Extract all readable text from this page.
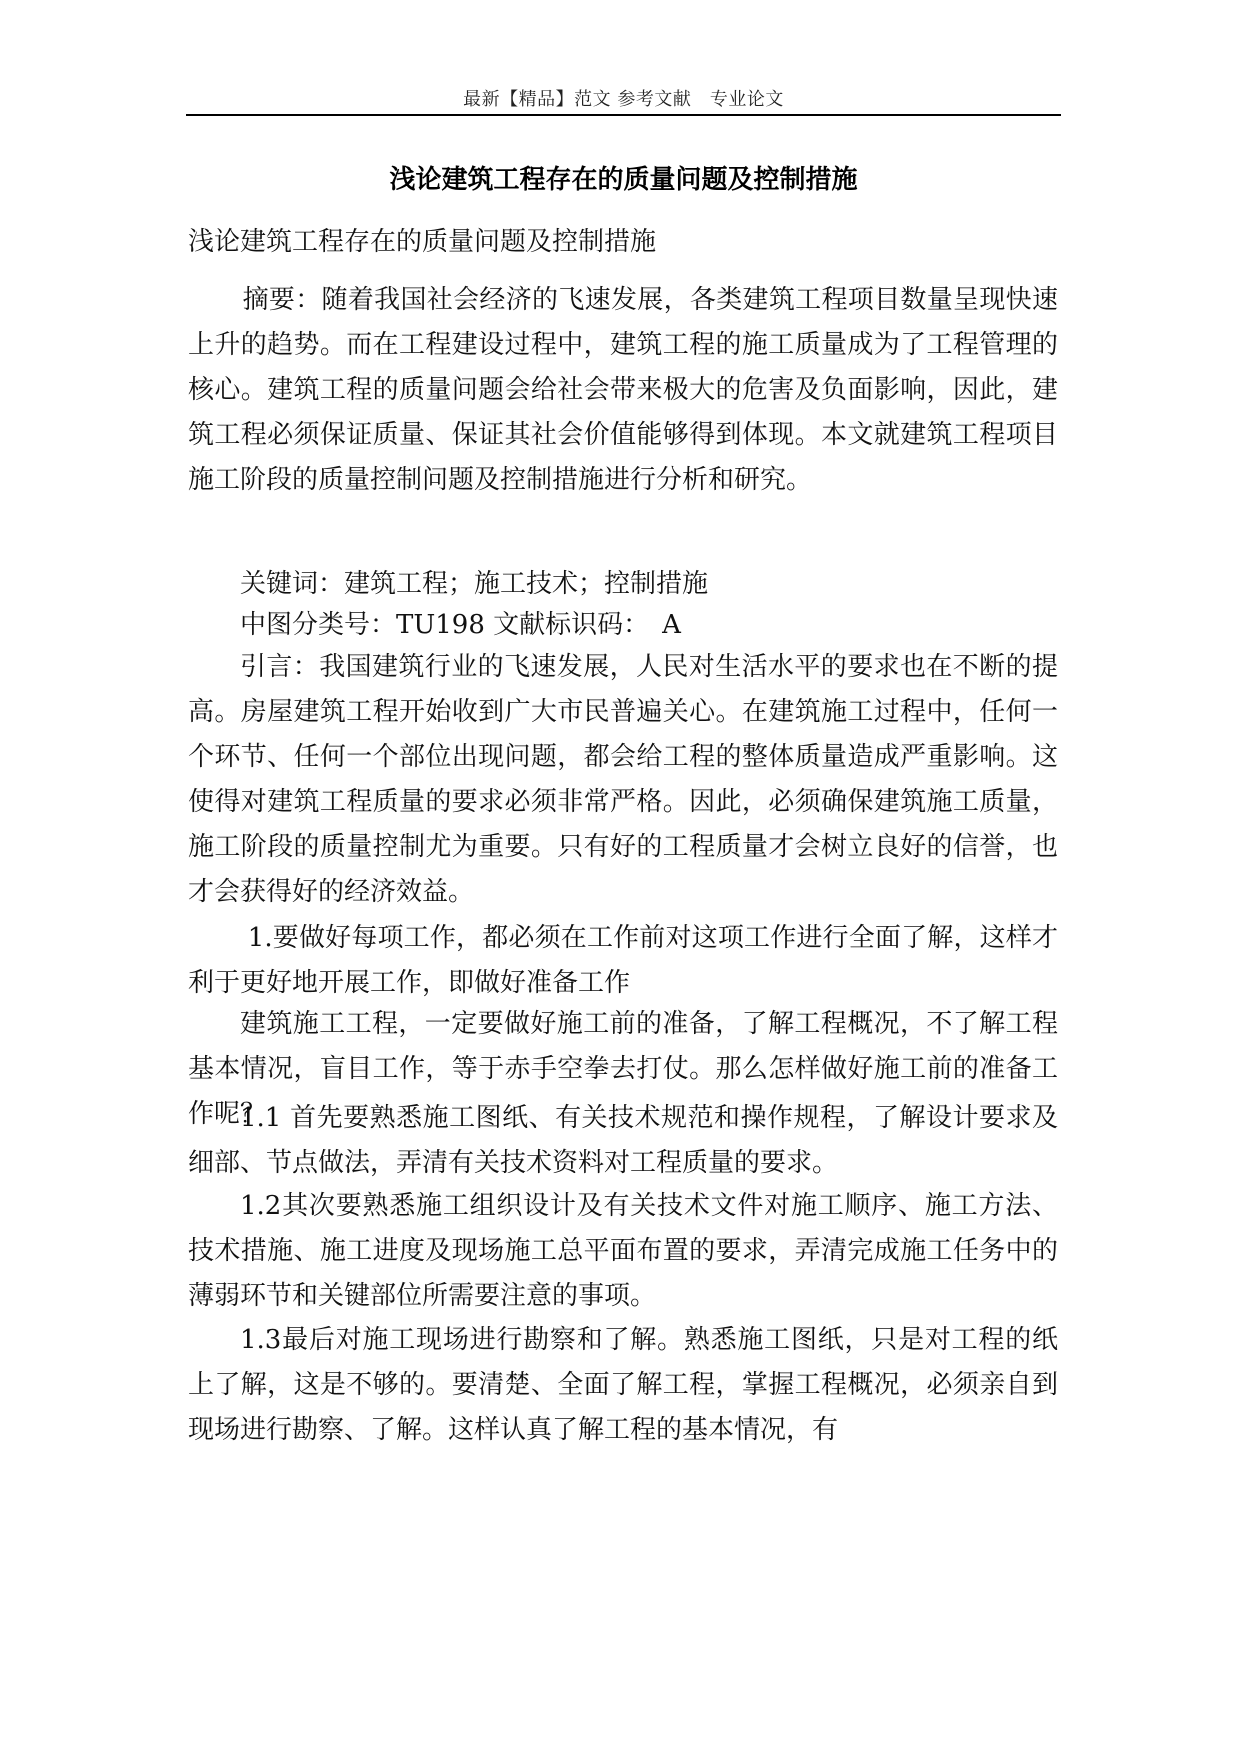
最新【精品】范文 参考文献　专业论文
浅论建筑工程存在的质量问题及控制措施
浅论建筑工程存在的质量问题及控制措施
摘要：随着我国社会经济的飞速发展，各类建筑工程项目数量呈现快速上升的趋势。而在工程建设过程中，建筑工程的施工质量成为了工程管理的核心。建筑工程的质量问题会给社会带来极大的危害及负面影响，因此，建筑工程必须保证质量、保证其社会价值能够得到体现。本文就建筑工程项目施工阶段的质量控制问题及控制措施进行分析和研究。
关键词：建筑工程；施工技术；控制措施
中图分类号：TU198 文献标识码：　A
引言：我国建筑行业的飞速发展，人民对生活水平的要求也在不断的提高。房屋建筑工程开始收到广大市民普遍关心。在建筑施工过程中，任何一个环节、任何一个部位出现问题，都会给工程的整体质量造成严重影响。这使得对建筑工程质量的要求必须非常严格。因此，必须确保建筑施工质量，施工阶段的质量控制尤为重要。只有好的工程质量才会树立良好的信誉，也才会获得好的经济效益。
1.要做好每项工作，都必须在工作前对这项工作进行全面了解，这样才利于更好地开展工作，即做好准备工作
建筑施工工程，一定要做好施工前的准备，了解工程概况，不了解工程基本情况，盲目工作，等于赤手空拳去打仗。那么怎样做好施工前的准备工作呢？
1.1 首先要熟悉施工图纸、有关技术规范和操作规程，了解设计要求及细部、节点做法，弄清有关技术资料对工程质量的要求。
1.2其次要熟悉施工组织设计及有关技术文件对施工顺序、施工方法、技术措施、施工进度及现场施工总平面布置的要求，弄清完成施工任务中的薄弱环节和关键部位所需要注意的事项。
1.3最后对施工现场进行勘察和了解。熟悉施工图纸，只是对工程的纸上了解，这是不够的。要清楚、全面了解工程，掌握工程概况，必须亲自到现场进行勘察、了解。这样认真了解工程的基本情况，有
